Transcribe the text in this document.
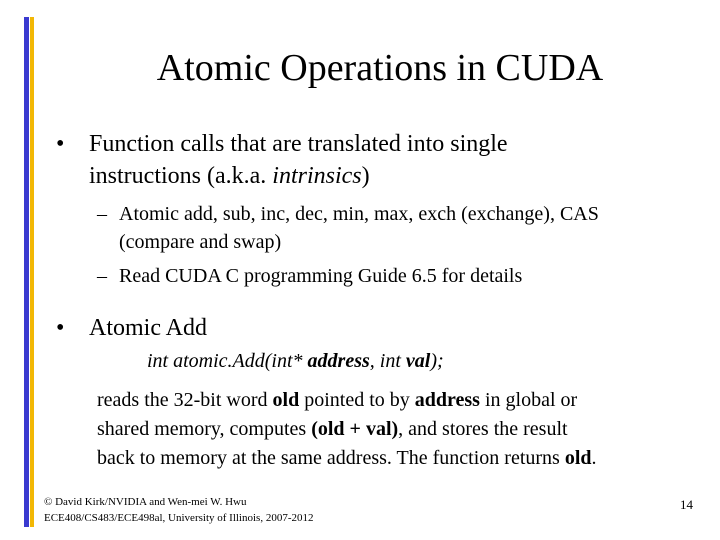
Atomic Operations in CUDA
• Function calls that are translated into single
instructions (a.k.a. intrinsics)
– Atomic add, sub, inc, dec, min, max, exch (exchange), CAS
(compare and swap)
– Read CUDA C programming Guide 6.5 for details
• Atomic Add
int atomic.Add(int* address, int val);
reads the 32-bit word old pointed to by address in global or
shared memory, computes (old + val), and stores the result
back to memory at the same address. The function returns old.
© David Kirk/NVIDIA and Wen-mei W. Hwu
ECE408/CS483/ECE498al, University of Illinois, 2007-2012
14
